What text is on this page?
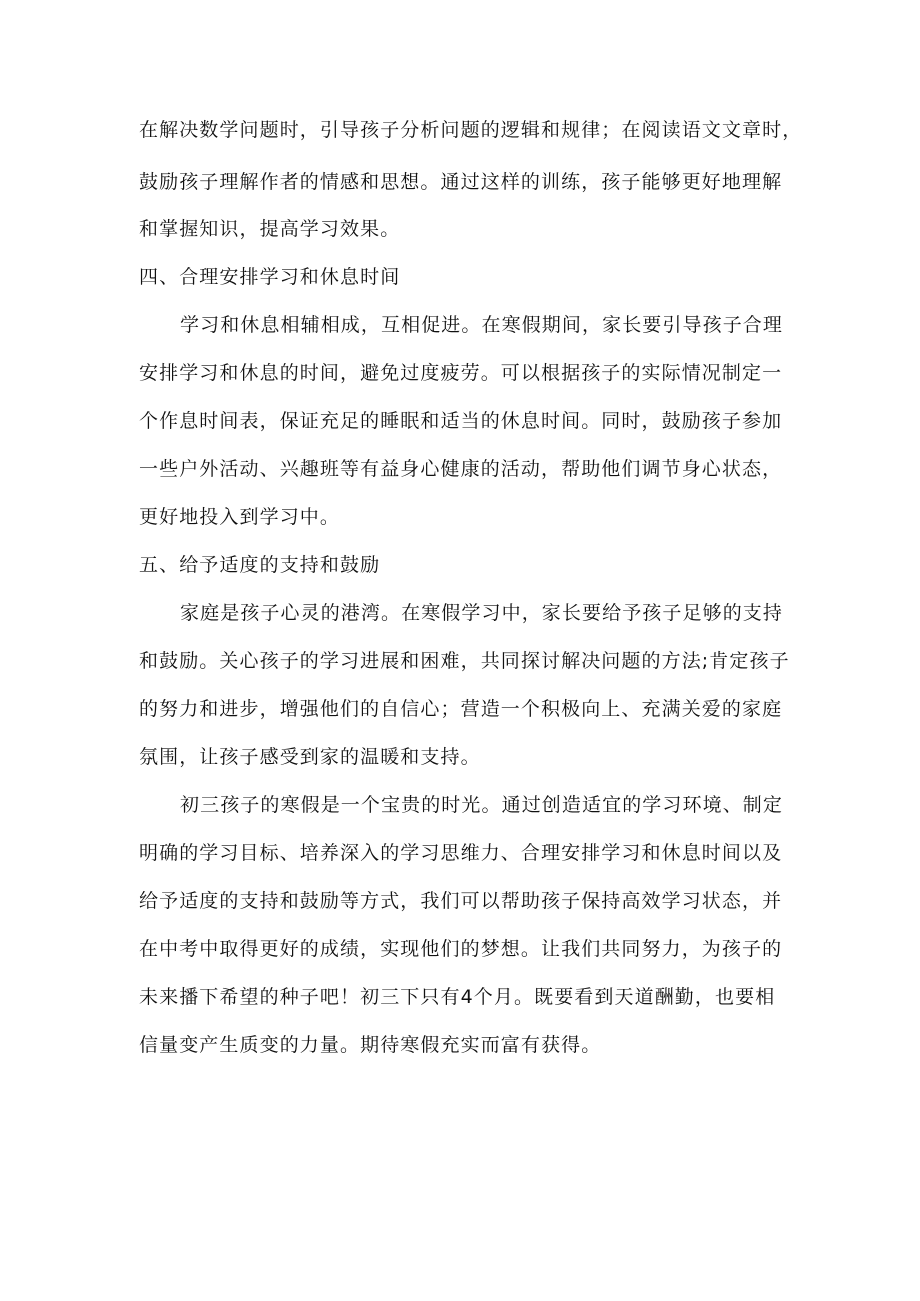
在解决数学问题时，引导孩子分析问题的逻辑和规律；在阅读语文文章时，
鼓励孩子理解作者的情感和思想。通过这样的训练，孩子能够更好地理解
和掌握知识，提高学习效果。
四、合理安排学习和休息时间
学习和休息相辅相成，互相促进。在寒假期间，家长要引导孩子合理
安排学习和休息的时间，避免过度疲劳。可以根据孩子的实际情况制定一
个作息时间表，保证充足的睡眠和适当的休息时间。同时，鼓励孩子参加
一些户外活动、兴趣班等有益身心健康的活动，帮助他们调节身心状态，
更好地投入到学习中。
五、给予适度的支持和鼓励
家庭是孩子心灵的港湾。在寒假学习中，家长要给予孩子足够的支持
和鼓励。关心孩子的学习进展和困难，共同探讨解决问题的方法;肯定孩子
的努力和进步，增强他们的自信心；营造一个积极向上、充满关爱的家庭
氛围，让孩子感受到家的温暖和支持。
初三孩子的寒假是一个宝贵的时光。通过创造适宜的学习环境、制定
明确的学习目标、培养深入的学习思维力、合理安排学习和休息时间以及
给予适度的支持和鼓励等方式，我们可以帮助孩子保持高效学习状态，并
在中考中取得更好的成绩，实现他们的梦想。让我们共同努力，为孩子的
未来播下希望的种子吧！初三下只有4个月。既要看到天道酬勤，也要相
信量变产生质变的力量。期待寒假充实而富有获得。
